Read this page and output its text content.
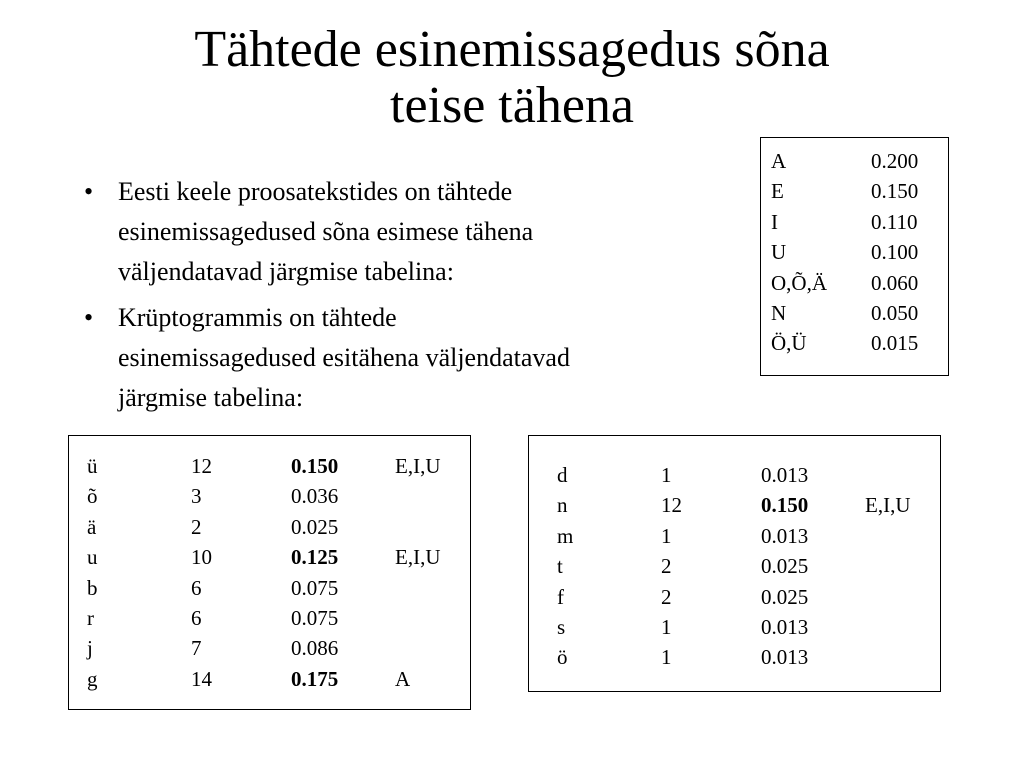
Tähtede esinemissagedus sõna
teise tähena
• Eesti keele proosatekstides on tähtede
esinemissagedused sõna esimese tähena
väljendatavad järgmise tabelina:
• Krüptogrammis on tähtede
esinemissagedused esitähena väljendatavad
järgmise tabelina:
A	0.200
E	0.150
I	0.110
U	0.100
O,Õ,Ä	0.060
N	0.050
Ö,Ü	0.015
ü	12	0.150	E,I,U
õ	3	0.036	
ä	2	0.025	
u	10	0.125	E,I,U
b	6	0.075	
r	6	0.075	
j	7	0.086	
g	14	0.175	A
d	1	0.013	
n	12	0.150	E,I,U
m	1	0.013	
t	2	0.025	
f	2	0.025	
s	1	0.013	
ö	1	0.013	
